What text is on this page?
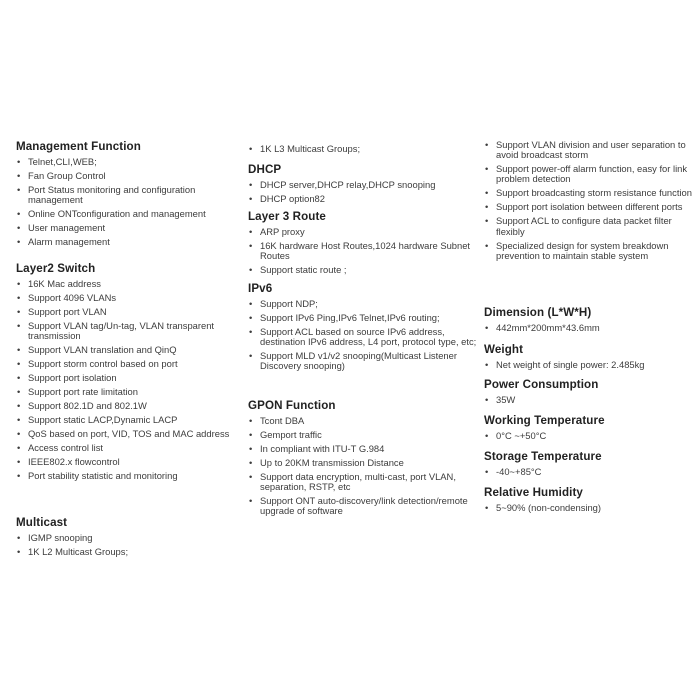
Management Function
• Telnet,CLI,WEB;
• Fan Group Control
• Port Status monitoring and configuration management
• Online ONTconfiguration and management
• User management
• Alarm management
Layer2 Switch
• 16K Mac address
• Support 4096 VLANs
• Support port VLAN
• Support VLAN tag/Un-tag, VLAN transparent transmission
• Support VLAN translation and QinQ
• Support storm control based on port
• Support port isolation
• Support port rate limitation
• Support 802.1D and 802.1W
• Support static LACP,Dynamic LACP
• QoS based on port, VID, TOS and MAC address
• Access control list
• IEEE802.x flowcontrol
• Port stability statistic and monitoring
Multicast
• IGMP snooping
• 1K L2 Multicast Groups;
• 1K L3 Multicast Groups;
DHCP
• DHCP server,DHCP relay,DHCP snooping
• DHCP option82
Layer 3 Route
• ARP proxy
• 16K hardware Host Routes,1024 hardware Subnet Routes
• Support static route ;
IPv6
• Support NDP;
• Support IPv6 Ping,IPv6 Telnet,IPv6 routing;
• Support ACL based on source IPv6 address, destination IPv6 address, L4 port, protocol type, etc;
• Support MLD v1/v2 snooping(Multicast Listener Discovery snooping)
GPON Function
• Tcont DBA
• Gemport traffic
• In compliant with ITU-T G.984
• Up to 20KM transmission Distance
• Support data encryption, multi-cast, port VLAN, separation, RSTP, etc
• Support ONT auto-discovery/link detection/remote upgrade of software
• Support VLAN division and user separation to avoid broadcast storm
• Support power-off alarm function, easy for link problem detection
• Support broadcasting storm resistance function
• Support port isolation between different ports
• Support ACL to configure data packet filter flexibly
• Specialized design for system breakdown prevention to maintain stable system
Dimension (L*W*H)
• 442mm*200mm*43.6mm
Weight
• Net weight of single power: 2.485kg
Power Consumption
• 35W
Working Temperature
• 0°C ~+50°C
Storage Temperature
• -40~+85°C
Relative Humidity
• 5~90% (non-condensing)
